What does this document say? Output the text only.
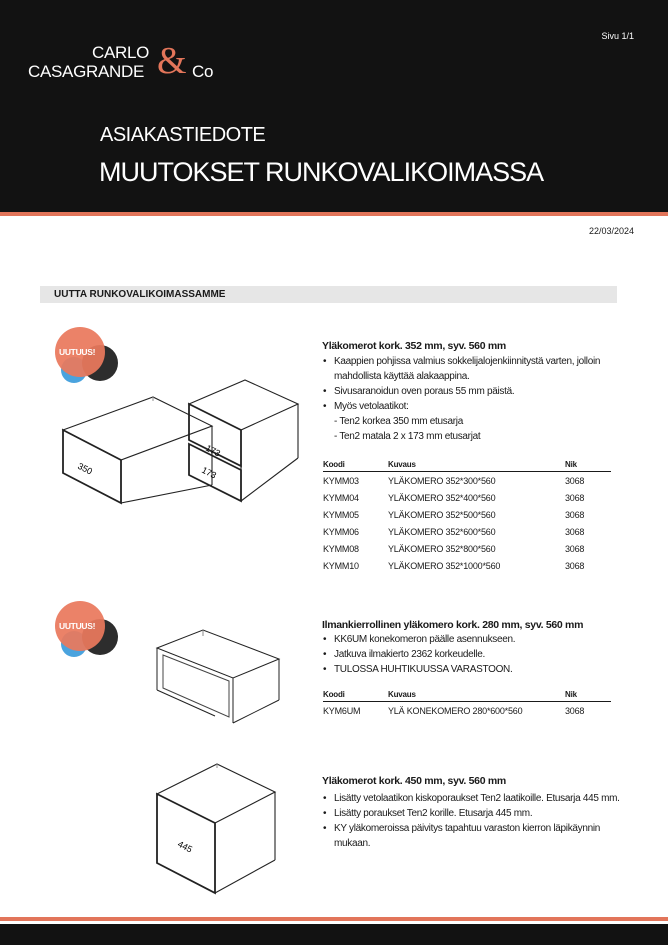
CARLO
CASAGRANDE & Co
Sivu 1/1
ASIAKASTIEDOTE
MUUTOKSET RUNKOVALIKOIMASSA
22/03/2024
UUTTA RUNKOVALIKOIMASSAMME
UUTUUS!
350
173
173
Yläkomerot kork. 352 mm, syv. 560 mm
• Kaappien pohjissa valmius sokkelijalojenkiinnitystä varten, jolloin mahdollista käyttää alakaappina.
• Sivusaranoidun oven poraus 55 mm päistä.
• Myös vetolaatikot:
- Ten2 korkea 350 mm etusarja
- Ten2 matala 2 x 173 mm etusarjat
Koodi	Kuvaus	Nik
KYMM03	YLÄKOMERO 352*300*560	3068
KYMM04	YLÄKOMERO 352*400*560	3068
KYMM05	YLÄKOMERO 352*500*560	3068
KYMM06	YLÄKOMERO 352*600*560	3068
KYMM08	YLÄKOMERO 352*800*560	3068
KYMM10	YLÄKOMERO 352*1000*560	3068
UUTUUS!	Ilmankierrollinen yläkomero kork. 280 mm, syv. 560 mm
• KK6UM konekomeron päälle asennukseen.
• Jatkuva ilmakierto 2362 korkeudelle.
• TULOSSA HUHTIKUUSSA VARASTOON.
Koodi	Kuvaus	Nik
KYM6UM	YLÄ KONEKOMERO 280*600*560	3068
445
Yläkomerot kork. 450 mm, syv. 560 mm
• Lisätty vetolaatikon kiskoporaukset Ten2 laatikoille. Etusarja 445 mm.
• Lisätty poraukset Ten2 korille. Etusarja 445 mm.
• KY yläkomeroissa päivitys tapahtuu varaston kierron läpikäynnin mukaan.
